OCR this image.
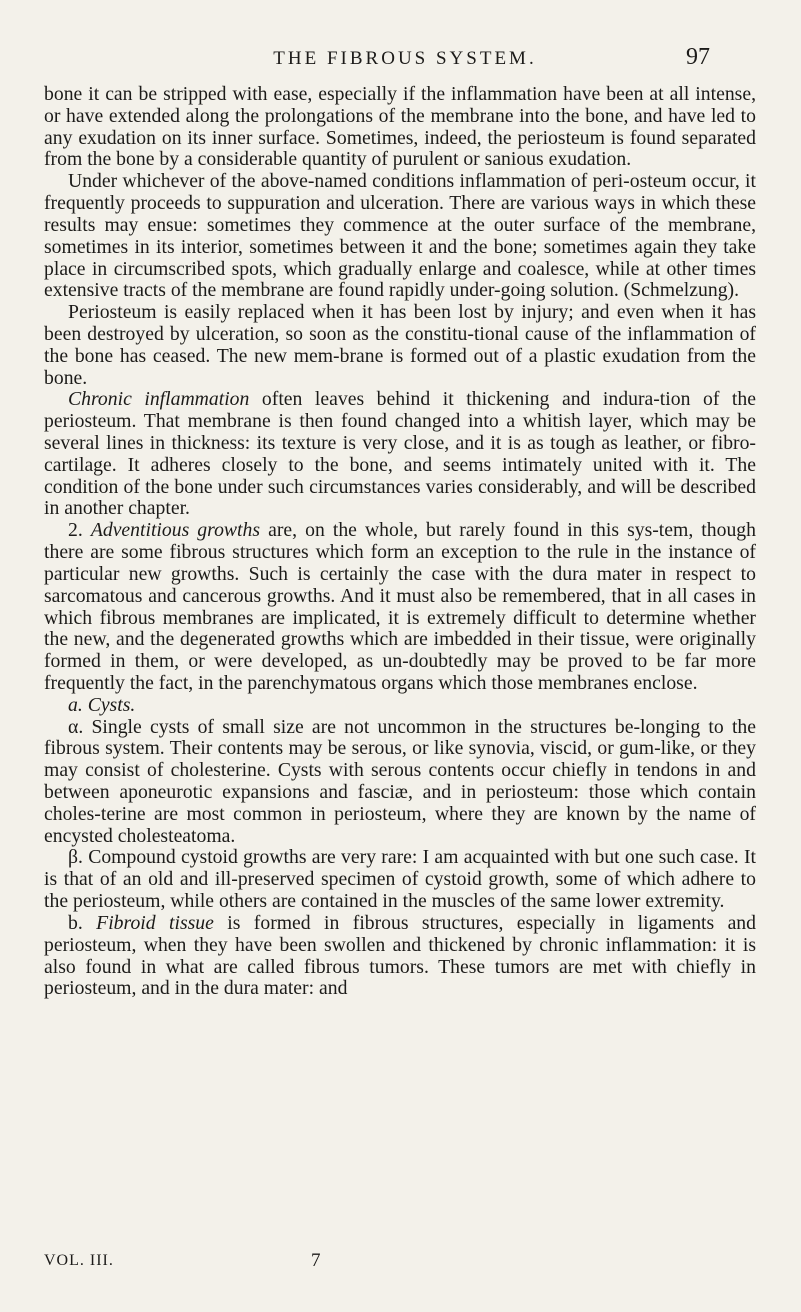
THE FIBROUS SYSTEM.	97

bone it can be stripped with ease, especially if the inflammation have been at all intense, or have extended along the prolongations of the membrane into the bone, and have led to any exudation on its inner surface. Sometimes, indeed, the periosteum is found separated from the bone by a considerable quantity of purulent or sanious exudation.

Under whichever of the above-named conditions inflammation of peri-osteum occur, it frequently proceeds to suppuration and ulceration. There are various ways in which these results may ensue: sometimes they commence at the outer surface of the membrane, sometimes in its interior, sometimes between it and the bone; sometimes again they take place in circumscribed spots, which gradually enlarge and coalesce, while at other times extensive tracts of the membrane are found rapidly under-going solution. (Schmelzung).

Periosteum is easily replaced when it has been lost by injury; and even when it has been destroyed by ulceration, so soon as the constitu-tional cause of the inflammation of the bone has ceased. The new mem-brane is formed out of a plastic exudation from the bone.

Chronic inflammation often leaves behind it thickening and indura-tion of the periosteum. That membrane is then found changed into a whitish layer, which may be several lines in thickness: its texture is very close, and it is as tough as leather, or fibro-cartilage. It adheres closely to the bone, and seems intimately united with it. The condition of the bone under such circumstances varies considerably, and will be described in another chapter.

2. Adventitious growths are, on the whole, but rarely found in this sys-tem, though there are some fibrous structures which form an exception to the rule in the instance of particular new growths. Such is certainly the case with the dura mater in respect to sarcomatous and cancerous growths. And it must also be remembered, that in all cases in which fibrous membranes are implicated, it is extremely difficult to determine whether the new, and the degenerated growths which are imbedded in their tissue, were originally formed in them, or were developed, as un-doubtedly may be proved to be far more frequently the fact, in the parenchymatous organs which those membranes enclose.

a. Cysts.

α. Single cysts of small size are not uncommon in the structures be-longing to the fibrous system. Their contents may be serous, or like synovia, viscid, or gum-like, or they may consist of cholesterine. Cysts with serous contents occur chiefly in tendons in and between aponeurotic expansions and fasciæ, and in periosteum: those which contain choles-terine are most common in periosteum, where they are known by the name of encysted cholesteatoma.

β. Compound cystoid growths are very rare: I am acquainted with but one such case. It is that of an old and ill-preserved specimen of cystoid growth, some of which adhere to the periosteum, while others are contained in the muscles of the same lower extremity.

b. Fibroid tissue is formed in fibrous structures, especially in ligaments and periosteum, when they have been swollen and thickened by chronic inflammation: it is also found in what are called fibrous tumors. These tumors are met with chiefly in periosteum, and in the dura mater: and

VOL. III.	7
